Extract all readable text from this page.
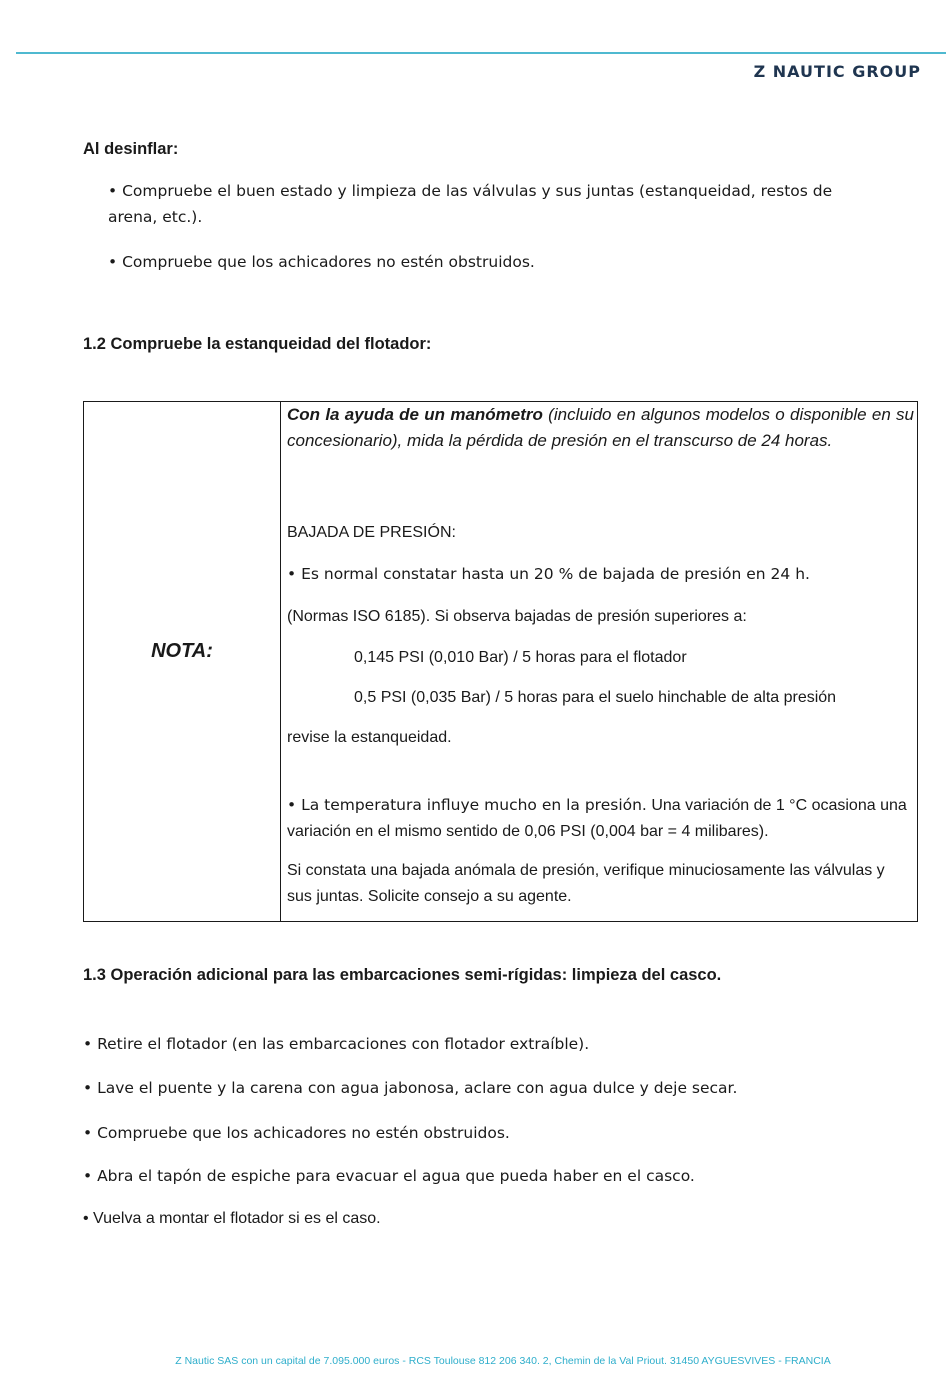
Z NAUTIC GROUP
Al desinflar:
• Compruebe el buen estado y limpieza de las válvulas y sus juntas (estanqueidad, restos de
arena, etc.).
• Compruebe que los achicadores no estén obstruidos.
1.2 Compruebe la estanqueidad del flotador:
NOTA:
Con la ayuda de un manómetro (incluido en algunos modelos o disponible en su concesionario), mida la pérdida de presión en el transcurso de 24 horas.
BAJADA DE PRESIÓN:
• Es normal constatar hasta un 20 % de bajada de presión en 24 h.
(Normas ISO 6185). Si observa bajadas de presión superiores a:
0,145 PSI (0,010 Bar) / 5 horas para el flotador
0,5 PSI (0,035 Bar) / 5 horas para el suelo hinchable de alta presión
revise la estanqueidad.
• La temperatura influye mucho en la presión. Una variación de 1 °C ocasiona una variación en el mismo sentido de 0,06 PSI (0,004 bar = 4 milibares).
Si constata una bajada anómala de presión, verifique minuciosamente las válvulas y sus juntas. Solicite consejo a su agente.
1.3 Operación adicional para las embarcaciones semi-rígidas: limpieza del casco.
• Retire el flotador (en las embarcaciones con flotador extraíble).
• Lave el puente y la carena con agua jabonosa, aclare con agua dulce y deje secar.
• Compruebe que los achicadores no estén obstruidos.
• Abra el tapón de espiche para evacuar el agua que pueda haber en el casco.
• Vuelva a montar el flotador si es el caso.
Z Nautic SAS con un capital de 7.095.000 euros - RCS Toulouse 812 206 340. 2, Chemin de la Val Priout. 31450 AYGUESVIVES - FRANCIA
